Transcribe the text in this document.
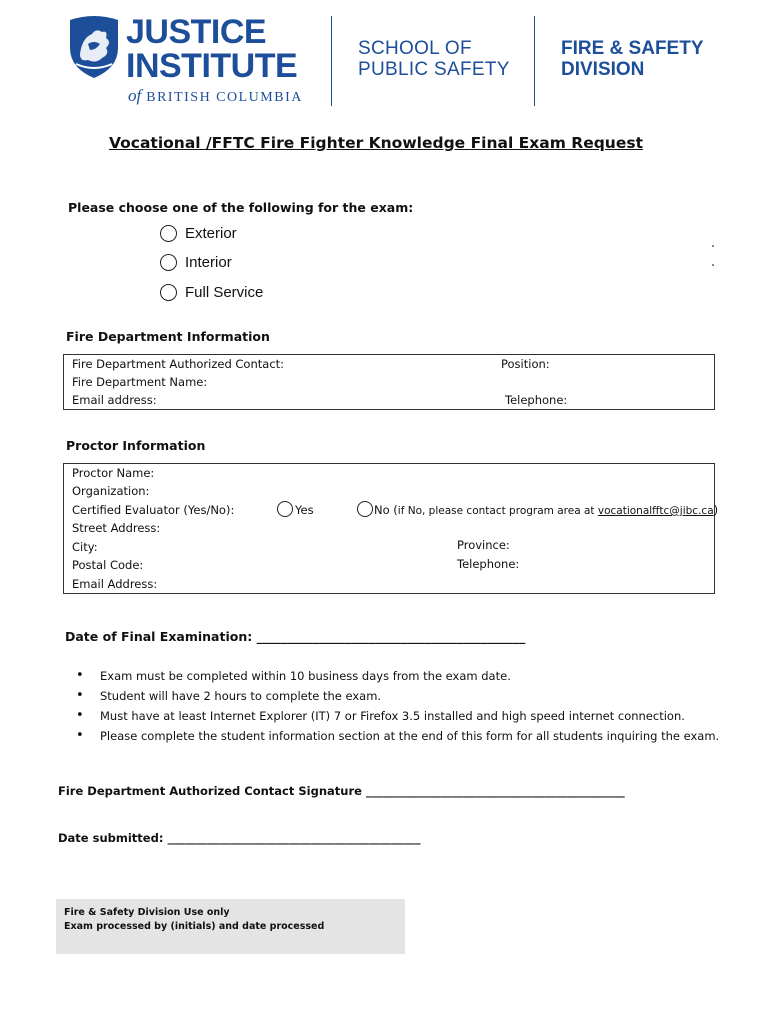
JUSTICE
INSTITUTE
of BRITISH COLUMBIA
SCHOOL OF
PUBLIC SAFETY
FIRE & SAFETY
DIVISION
Vocational /FFTC Fire Fighter Knowledge Final Exam Request
Please choose one of the following for the exam:
Exterior
Interior
Full Service
Fire Department Information
Fire Department Authorized Contact:	Position:
Fire Department Name:
Email address:	Telephone:
Proctor Information
Proctor Name:
Organization:
Certified Evaluator (Yes/No):	Yes	No (if No, please contact program area at vocationalfftc@jibc.ca)
Street Address:
City:	Province:
Postal Code:	Telephone:
Email Address:
Date of Final Examination: ___________________________________________
• Exam must be completed within 10 business days from the exam date.
• Student will have 2 hours to complete the exam.
• Must have at least Internet Explorer (IT) 7 or Firefox 3.5 installed and high speed internet connection.
• Please complete the student information section at the end of this form for all students inquiring the exam.
Fire Department Authorized Contact Signature _____________________________________________
Date submitted: ____________________________________________
Fire & Safety Division Use only
Exam processed by (initials) and date processed
